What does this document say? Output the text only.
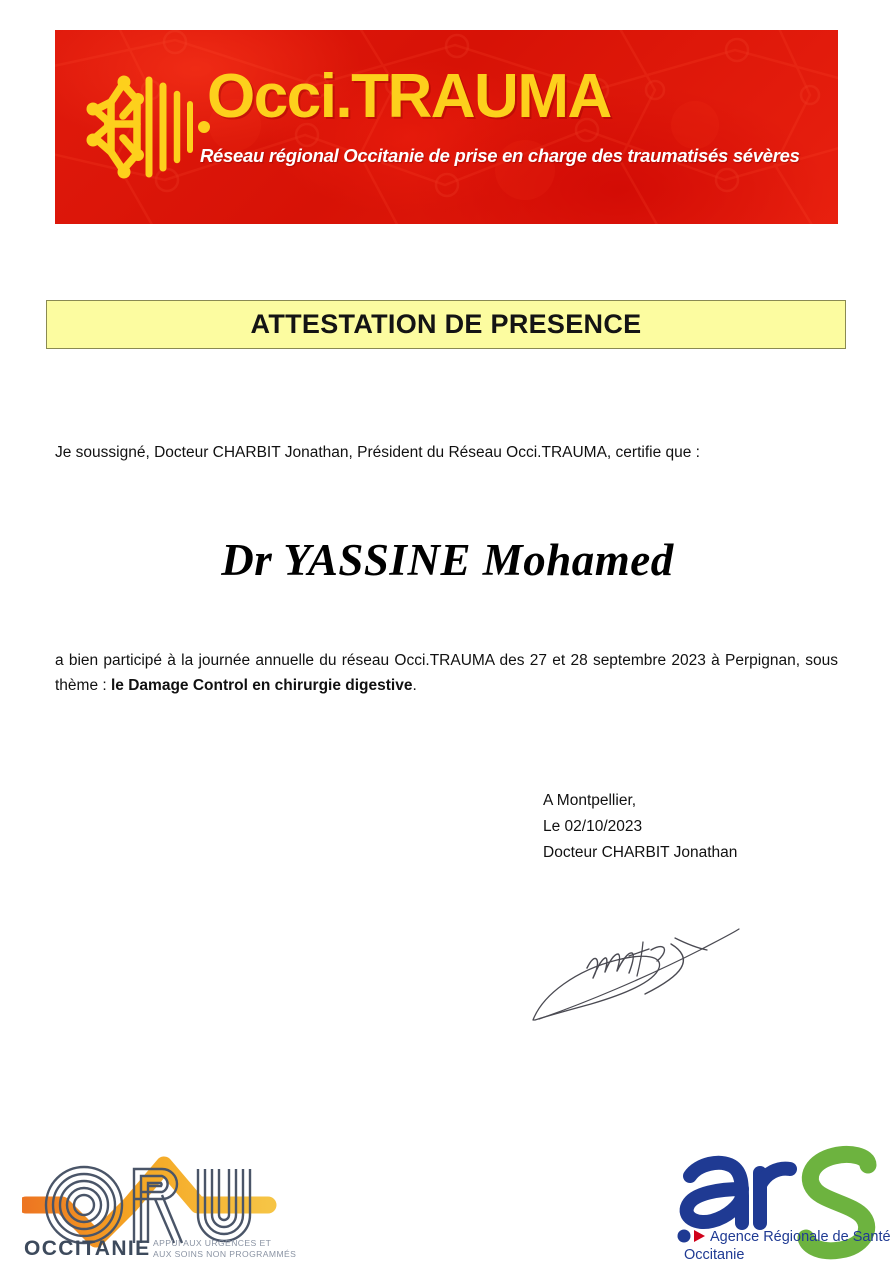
Occi.TRAUMA
Réseau régional Occitanie de prise en charge des traumatisés sévères
ATTESTATION DE PRESENCE
Je soussigné, Docteur CHARBIT Jonathan, Président du Réseau Occi.TRAUMA, certifie que :
Dr YASSINE Mohamed
a bien participé à la journée annuelle du réseau Occi.TRAUMA des 27 et 28 septembre 2023 à Perpignan, sous thème : le Damage Control en chirurgie digestive.
A Montpellier,
Le 02/10/2023
Docteur CHARBIT Jonathan
OCCITANIE APPUI AUX URGENCES ET
AUX SOINS NON PROGRAMMÉS
Agence Régionale de Santé
Occitanie
